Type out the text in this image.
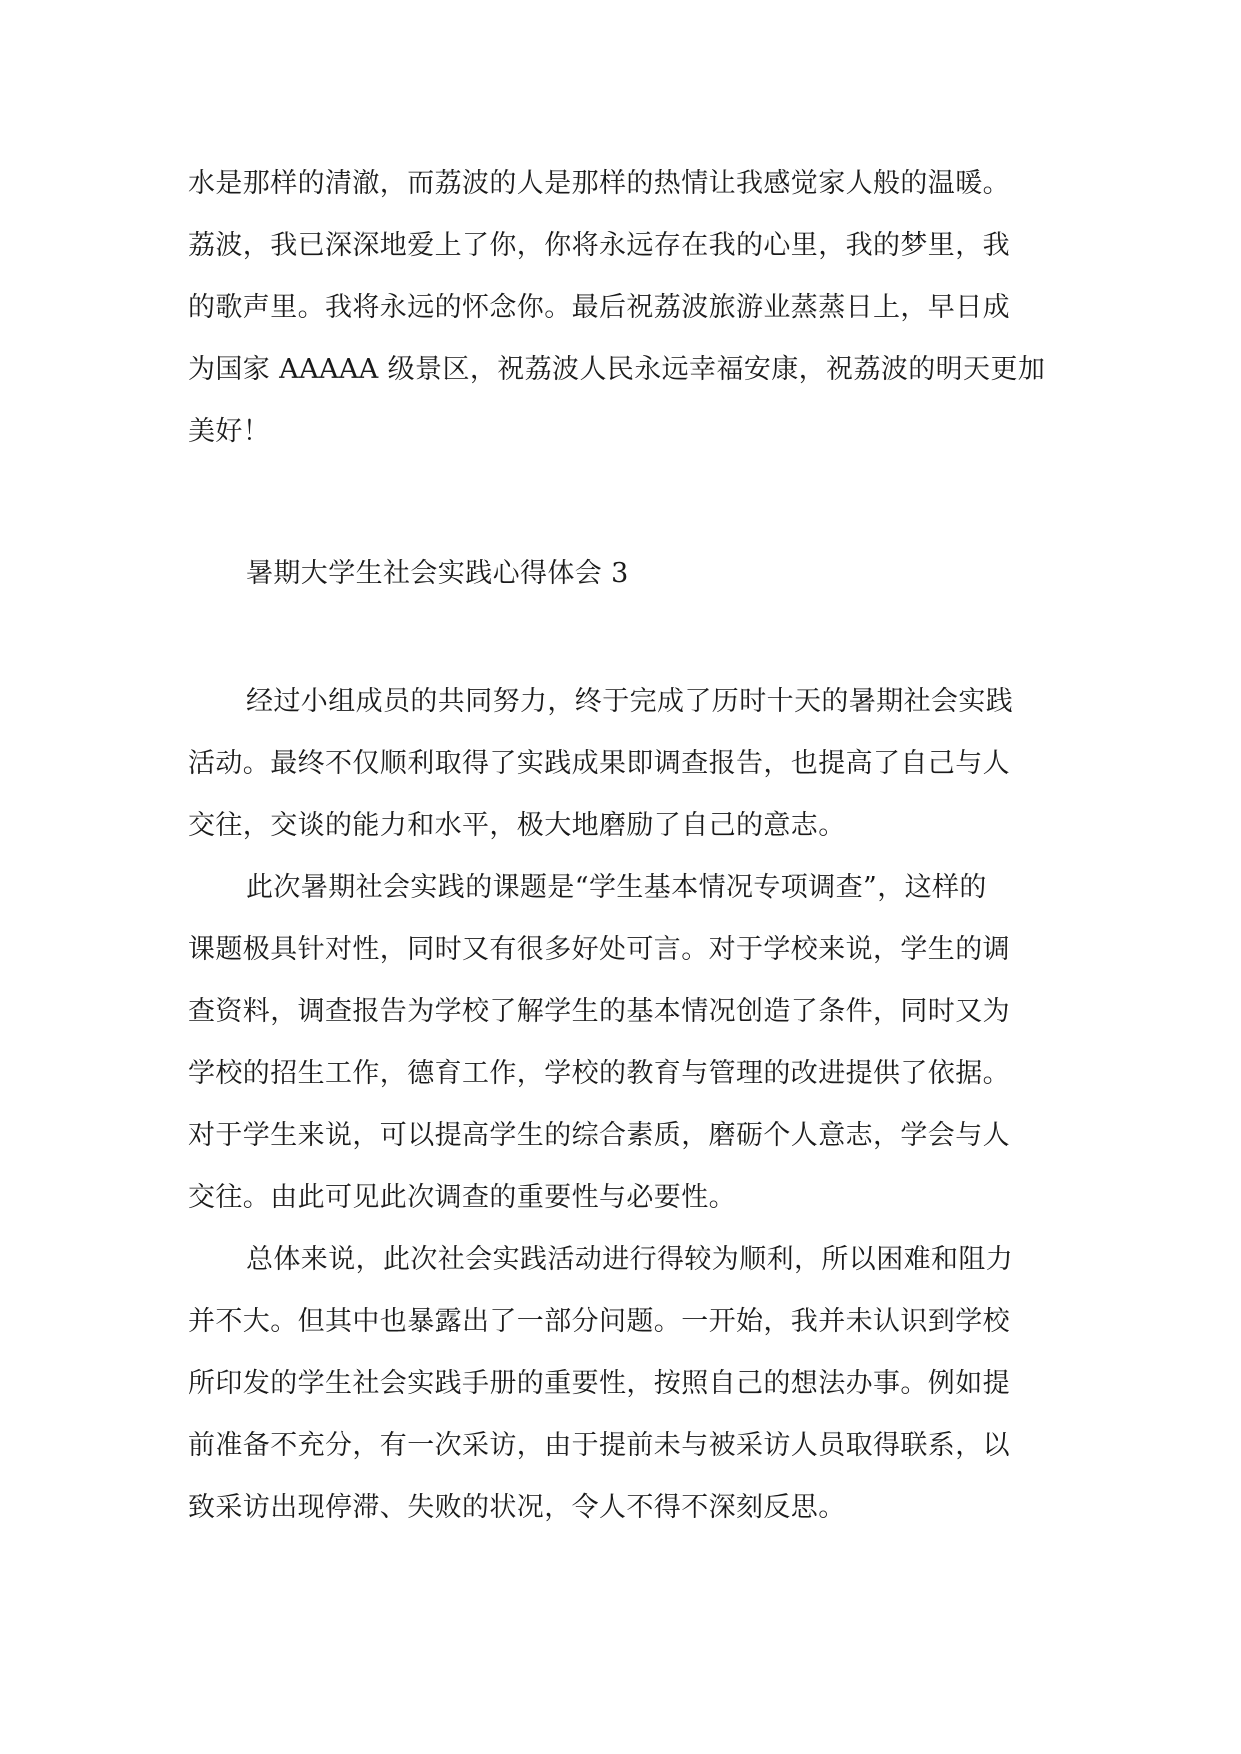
水是那样的清澈，而荔波的人是那样的热情让我感觉家人般的温暖。
荔波，我已深深地爱上了你，你将永远存在我的心里，我的梦里，我
的歌声里。我将永远的怀念你。最后祝荔波旅游业蒸蒸日上，早日成
为国家 AAAAA 级景区，祝荔波人民永远幸福安康，祝荔波的明天更加
美好！
暑期大学生社会实践心得体会 3
经过小组成员的共同努力，终于完成了历时十天的暑期社会实践
活动。最终不仅顺利取得了实践成果即调查报告，也提高了自己与人
交往，交谈的能力和水平，极大地磨励了自己的意志。
此次暑期社会实践的课题是“学生基本情况专项调查”，这样的
课题极具针对性，同时又有很多好处可言。对于学校来说，学生的调
查资料，调查报告为学校了解学生的基本情况创造了条件，同时又为
学校的招生工作，德育工作，学校的教育与管理的改进提供了依据。
对于学生来说，可以提高学生的综合素质，磨砺个人意志，学会与人
交往。由此可见此次调查的重要性与必要性。
总体来说，此次社会实践活动进行得较为顺利，所以困难和阻力
并不大。但其中也暴露出了一部分问题。一开始，我并未认识到学校
所印发的学生社会实践手册的重要性，按照自己的想法办事。例如提
前准备不充分，有一次采访，由于提前未与被采访人员取得联系，以
致采访出现停滞、失败的状况，令人不得不深刻反思。
